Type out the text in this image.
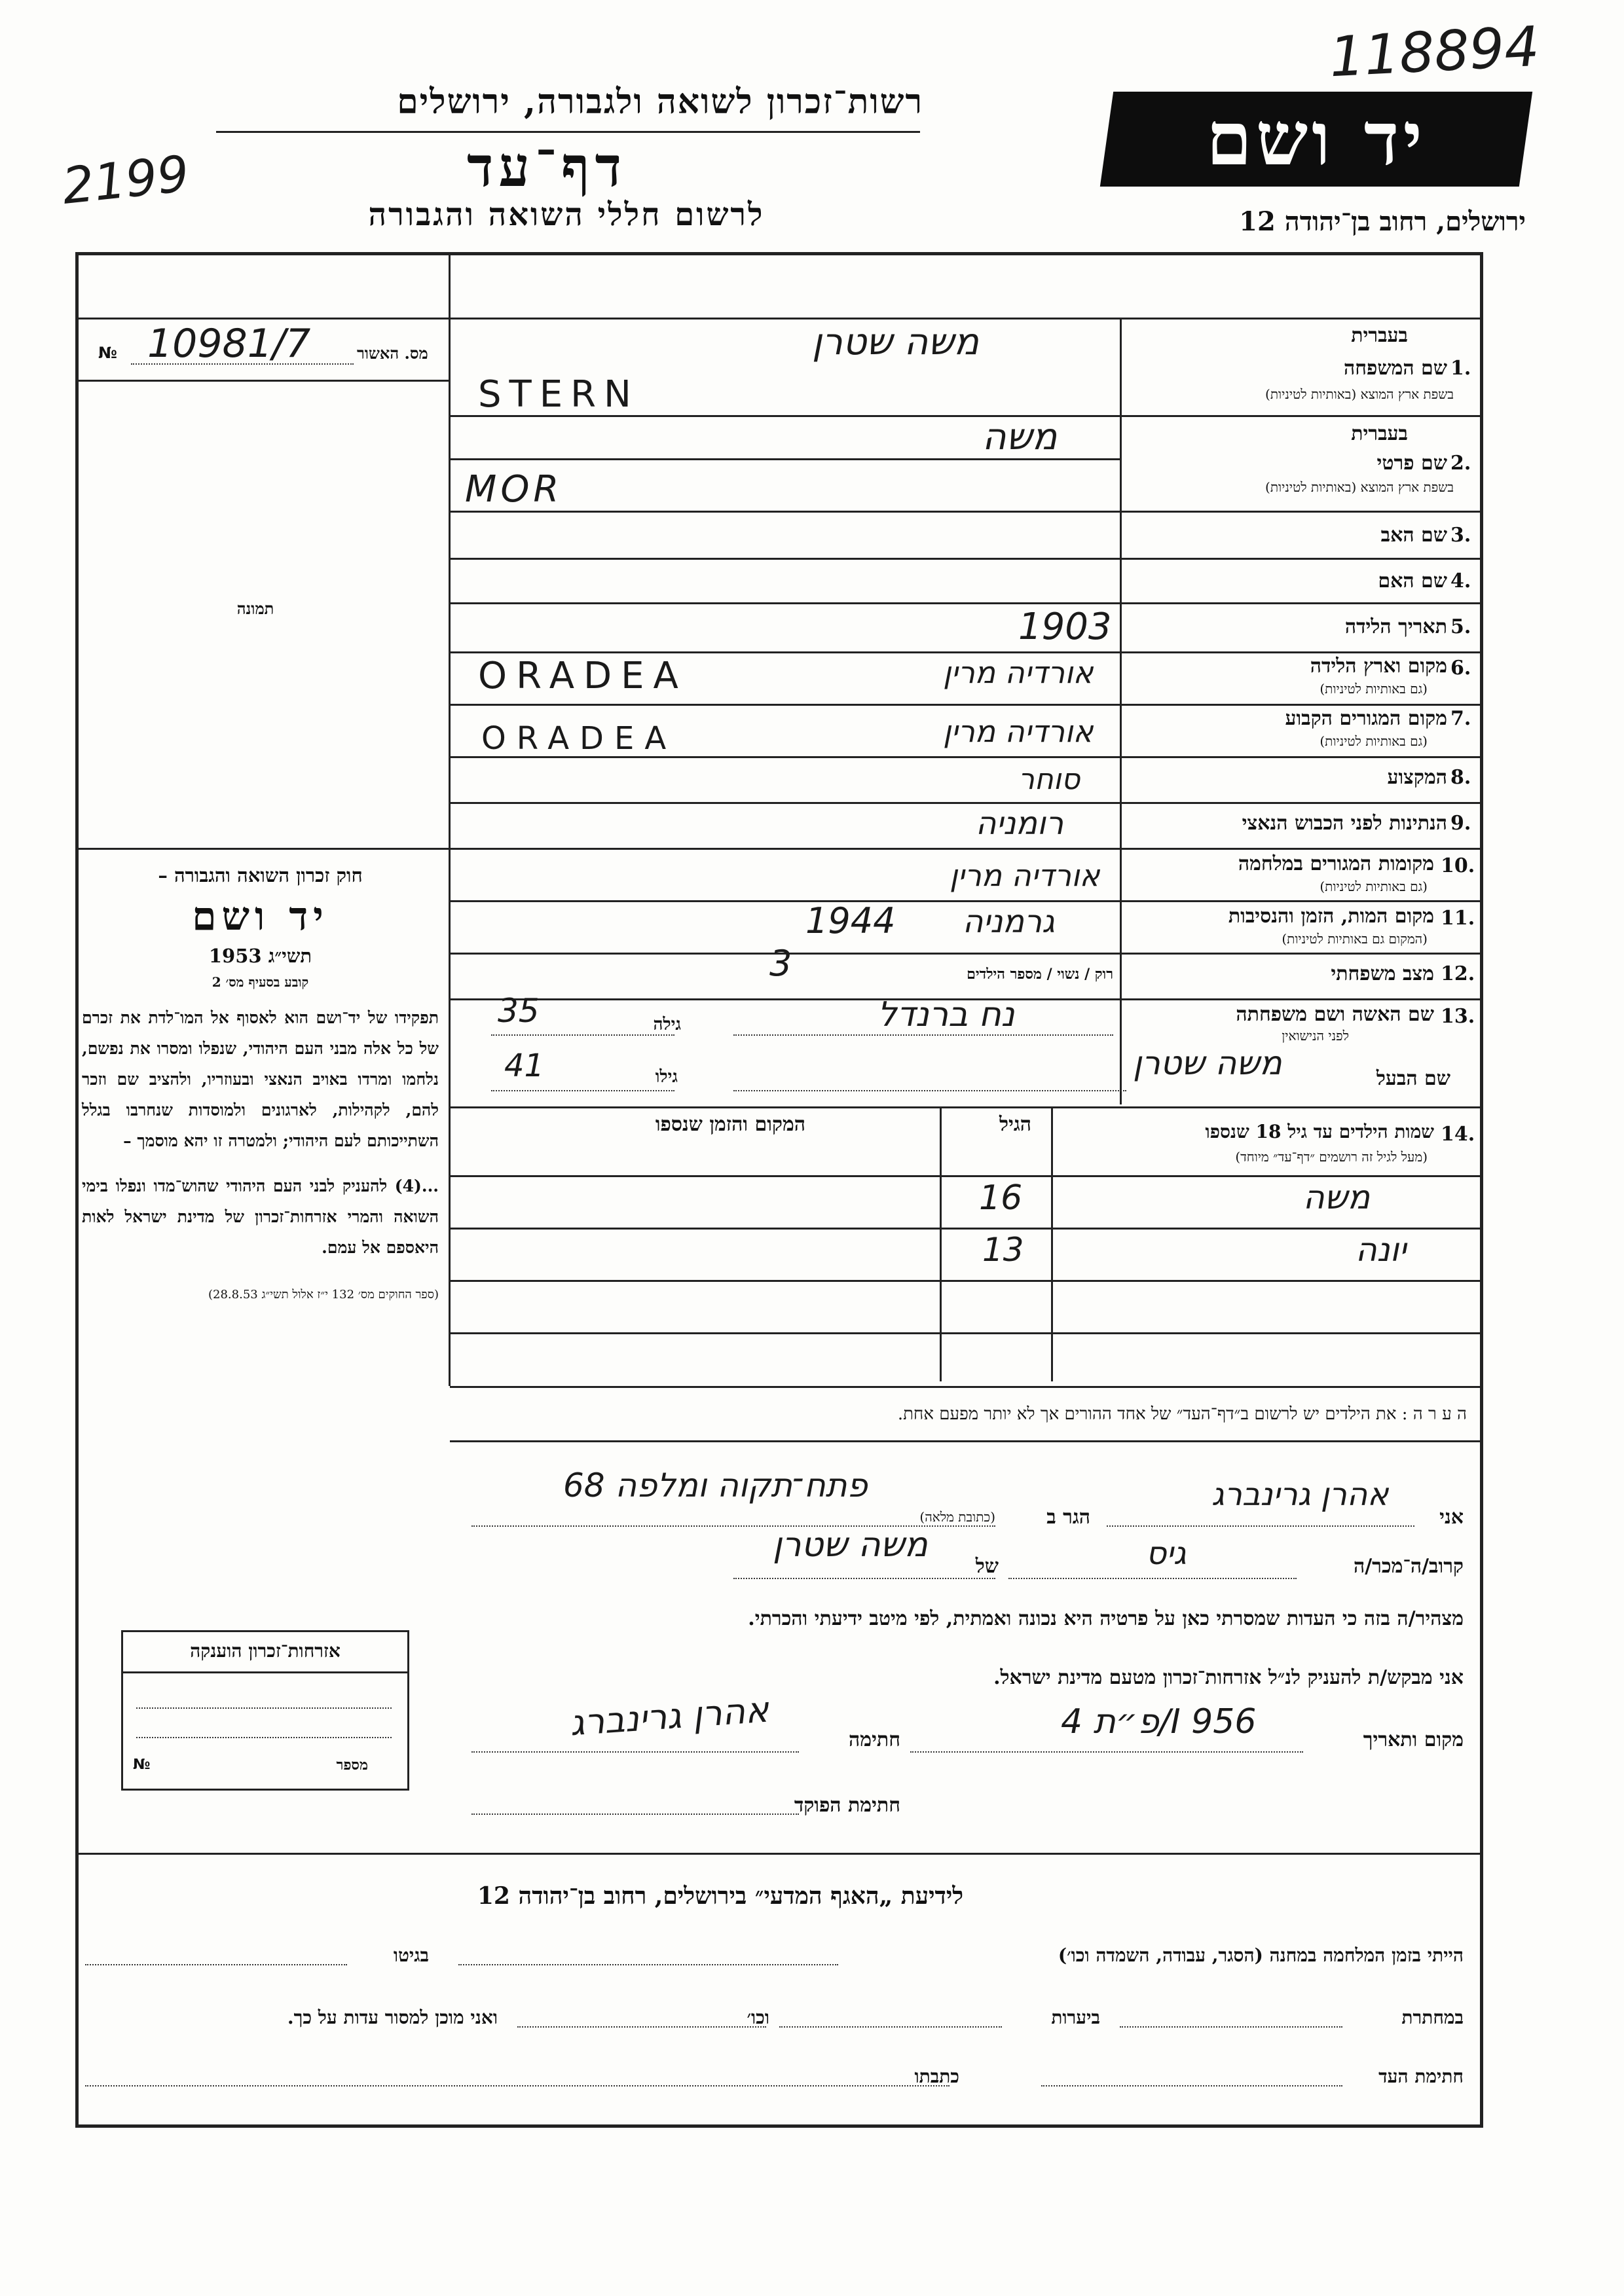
118894
2199
רשות־זכרון לשואה ולגבורה, ירושלים
דף־עד
לרשום חללי השואה והגבורה
יד ושם
ירושלים, רחוב בן־יהודה 12
№	מס. האשור
10981/7
תמונה
חוק זכרון השואה והגבורה –
יד ושם
תשי״ג 1953
קובע בסעיף מס׳ 2
תפקידו של יד־ושם הוא לאסוף אל המו־לדת את זכרם של כל אלה מבני העם היהודי, שנפלו ומסרו את נפשם, נלחמו ומרדו באויב הנאצי ובעוזריו, ולהציב שם וזכר להם, לקהילות, לארגונים ולמוסדות שנחרבו בגלל השתייכותם לעם היהודי; ולמטרה זו יהא מוסמך –
...(4) להעניק לבני העם היהודי שהוש־מדו ונפלו בימי השואה והמרי אזרחות־זכרון של מדינת ישראל לאות היאספם אל עמם.
(ספר החוקים מס׳ 132 י״ז אלול תשי״ג 28.8.53)
1.
בעברית
שם המשפחה
בשפת ארץ המוצא (באותיות לטיניות)
משה שטרן
STERN
2.
בעברית
שם פרטי
בשפת ארץ המוצא (באותיות לטיניות)
משה
MOR
3.
שם האב
4.
שם האם
5.
תאריך הלידה
1903
6.
מקום וארץ הלידה
(גם באותיות לטיניות)
אורדיה מרין
ORADEA
7.
מקום המגורים הקבוע
(גם באותיות לטיניות)
אורדיה מרין
ORADEA
8.
המקצוע
סוחר
9.
הנתינות לפני הכבוש הנאצי
רומניה
10.
מקומות המגורים במלחמה
(גם באותיות לטיניות)
אורדיה מרין
11.
מקום המות, הזמן והנסיבות
(המקום גם באותיות לטיניות)
גרמניה
1944
12.
מצב משפחתי
רוק / נשוי / מספר הילדים
3
13.
שם האשה ושם משפחתה
לפני הנישואין
נח ברנדל
גילה
35
שם הבעל
משה שטרן
גילו
41
14.
שמות הילדים עד גיל 18 שנספו
(מעל לגיל זה רושמים ״דף־עד״ מיוחד)
הגיל
המקום והזמן שנספו
משה
16
יונה
13
ה ע ר ה : את הילדים יש לרשום ב״דף־העד״ של אחד ההורים אך לא יותר מפעם אחת.
אני
אהרן גרינברג
הגר ב
(כתובת מלאה)
פתח־תקוה ומלפה 68
קרוב/ה־מכר/ה
גיס
של
משה שטרן
מצהיר/ה בזה כי העדות שמסרתי כאן על פרטיה היא נכונה ואמתית, לפי מיטב ידיעתי והכרתי.
אני מבקש/ת להעניק לנ״ל אזרחות־זכרון מטעם מדינת ישראל.
מקום ותאריך
פ״ת 4/I 956
חתימה
אהרן גרינברג
חתימת הפוקד
אזרחות־זכרון הוענקה
מספר
№
לידיעת „האגף המדעי״ בירושלים, רחוב בן־יהודה 12
הייתי בזמן המלחמה במחנה (הסגר, עבודה, השמדה וכו׳)
בגיטו
במחתרת
ביערות
וכו׳
ואני מוכן למסור עדות על כך.
חתימת העד
כתבתו
